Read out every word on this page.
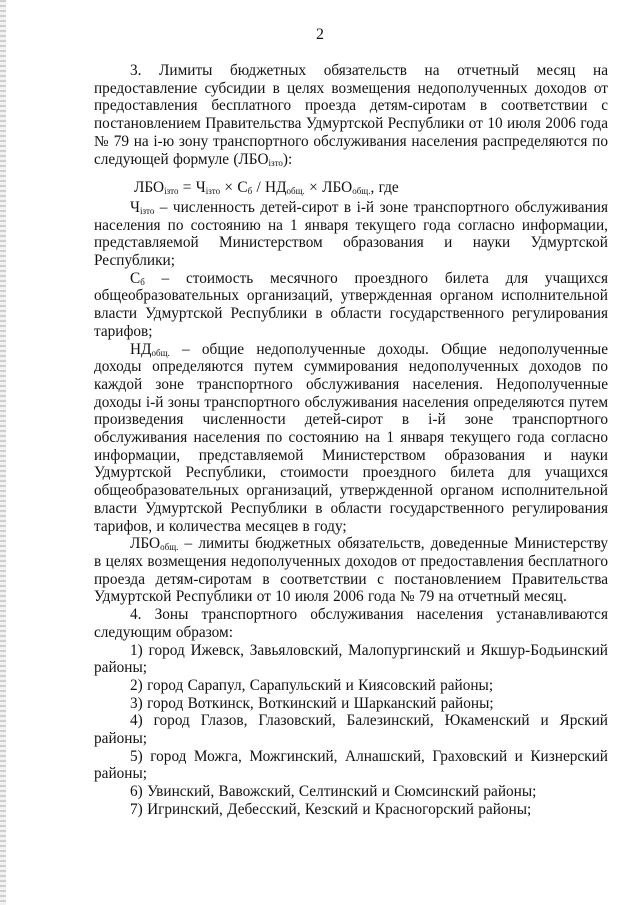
2

3. Лимиты бюджетных обязательств на отчетный месяц на предоставление субсидии в целях возмещения недополученных доходов от предоставления бесплатного проезда детям-сиротам в соответствии с постановлением Правительства Удмуртской Республики от 10 июля 2006 года № 79 на i-ю зону транспортного обслуживания населения распределяются по следующей формуле $(ЛБО_{iзто})$:

$ЛБО_{iзто} = Ч_{iзто} \times С_б / НД_{общ.} \times ЛБО_{общ.}$, где

$Ч_{iзто}$ – численность детей-сирот в i-й зоне транспортного обслуживания населения по состоянию на 1 января текущего года согласно информации, представляемой Министерством образования и науки Удмуртской Республики;

$С_б$ – стоимость месячного проездного билета для учащихся общеобразовательных организаций, утвержденная органом исполнительной власти Удмуртской Республики в области государственного регулирования тарифов;

$НД_{общ.}$ – общие недополученные доходы. Общие недополученные доходы определяются путем суммирования недополученных доходов по каждой зоне транспортного обслуживания населения. Недополученные доходы i-й зоны транспортного обслуживания населения определяются путем произведения численности детей-сирот в i-й зоне транспортного обслуживания населения по состоянию на 1 января текущего года согласно информации, представляемой Министерством образования и науки Удмуртской Республики, стоимости проездного билета для учащихся общеобразовательных организаций, утвержденной органом исполнительной власти Удмуртской Республики в области государственного регулирования тарифов, и количества месяцев в году;

$ЛБО_{общ.}$ – лимиты бюджетных обязательств, доведенные Министерству в целях возмещения недополученных доходов от предоставления бесплатного проезда детям-сиротам в соответствии с постановлением Правительства Удмуртской Республики от 10 июля 2006 года № 79 на отчетный месяц.

4. Зоны транспортного обслуживания населения устанавливаются следующим образом:

1) город Ижевск, Завьяловский, Малопургинский и Якшур-Бодьинский районы;

2) город Сарапул, Сарапульский и Киясовский районы;

3) город Воткинск, Воткинский и Шарканский районы;

4) город Глазов, Глазовский, Балезинский, Юкаменский и Ярский районы;

5) город Можга, Можгинский, Алнашский, Граховский и Кизнерский районы;

6) Увинский, Вавожский, Селтинский и Сюмсинский районы;

7) Игринский, Дебесский, Кезский и Красногорский районы;
